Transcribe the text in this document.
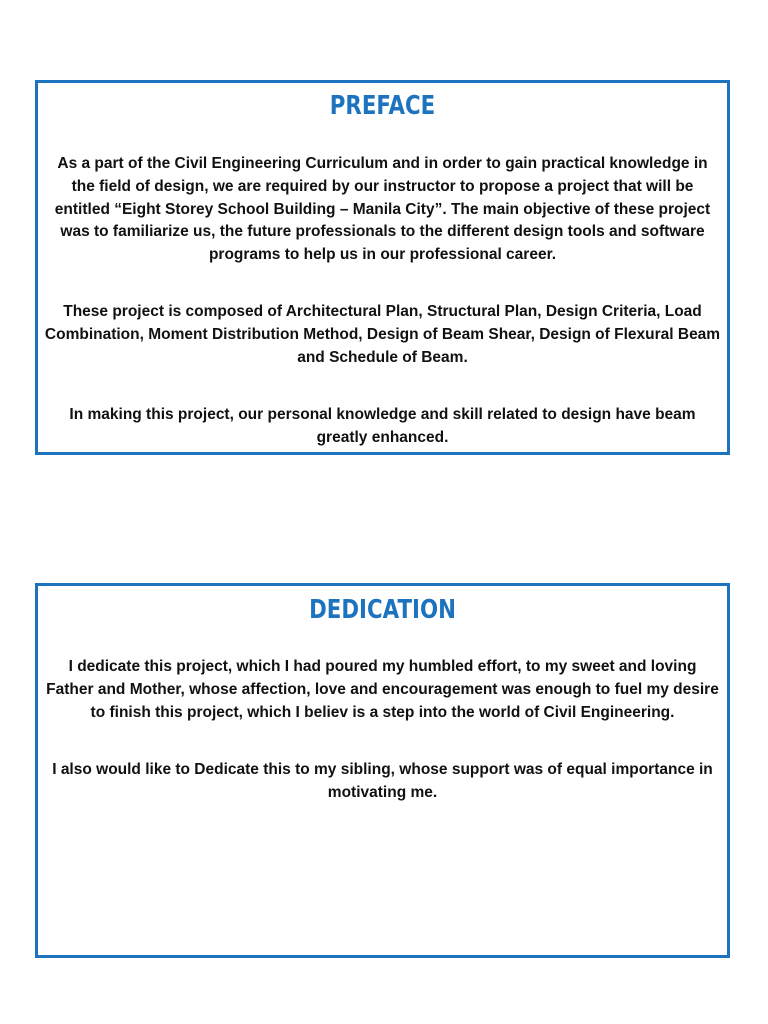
PREFACE

As a part of the Civil Engineering Curriculum and in order to gain practical knowledge in the field of design, we are required by our instructor to propose a project that will be entitled “Eight Storey School Building – Manila City”. The main objective of these project was to familiarize us, the future professionals to the different design tools and software programs to help us in our professional career.

These project is composed of Architectural Plan, Structural Plan, Design Criteria, Load Combination, Moment Distribution Method, Design of Beam Shear, Design of Flexural Beam and Schedule of Beam.

In making this project, our personal knowledge and skill related to design have beam greatly enhanced.

DEDICATION

I dedicate this project, which I had poured my humbled effort, to my sweet and loving Father and Mother, whose affection, love and encouragement was enough to fuel my desire to finish this project, which I believ is a step into the world of Civil Engineering.

I also would like to Dedicate this to my sibling, whose support was of equal importance in motivating me.
